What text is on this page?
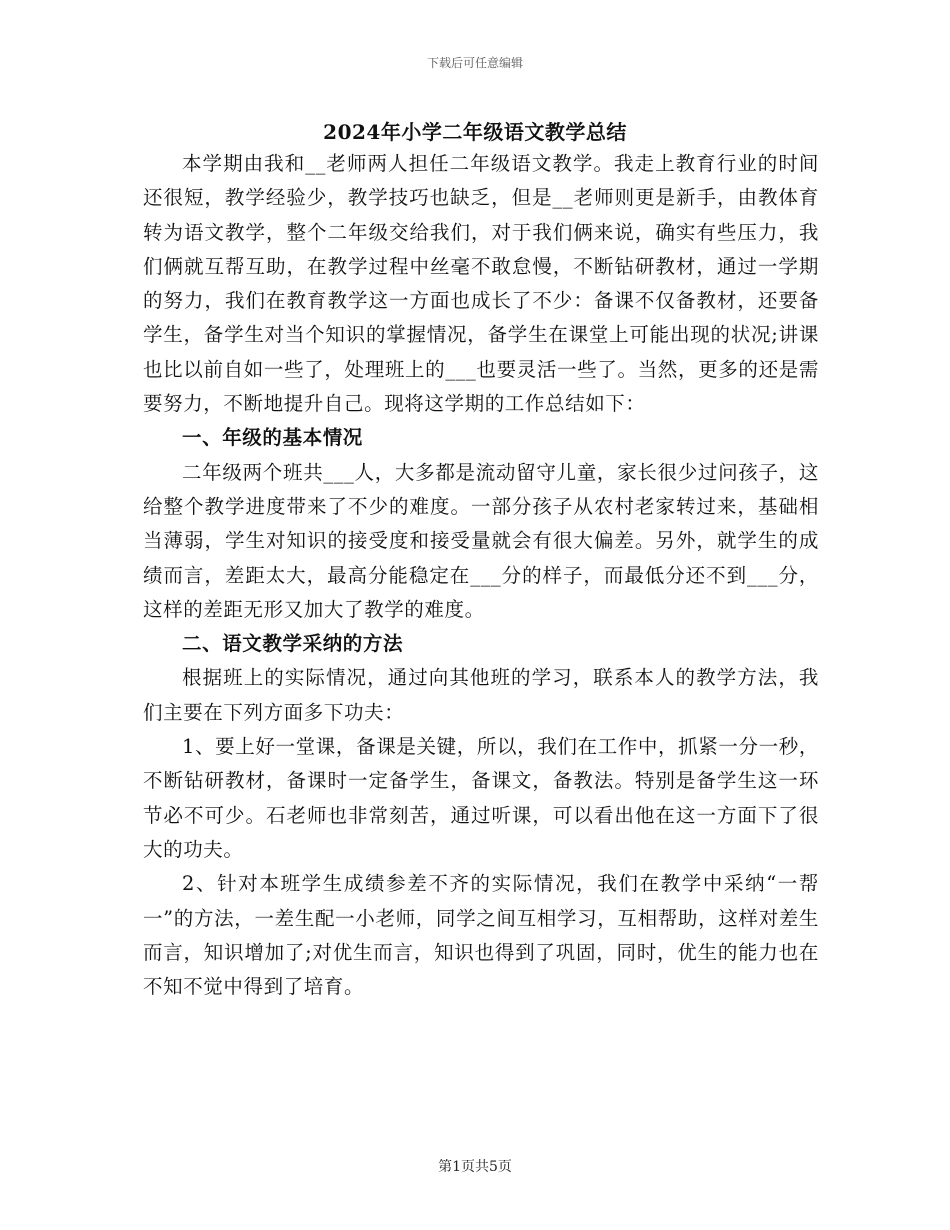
下载后可任意编辑
2024年小学二年级语文教学总结

本学期由我和__老师两人担任二年级语文教学。我走上教育行业的时间还很短，教学经验少，教学技巧也缺乏，但是__老师则更是新手，由教体育转为语文教学，整个二年级交给我们，对于我们俩来说，确实有些压力，我们俩就互帮互助，在教学过程中丝毫不敢怠慢，不断钻研教材，通过一学期的努力，我们在教育教学这一方面也成长了不少：备课不仅备教材，还要备学生，备学生对当个知识的掌握情况，备学生在课堂上可能出现的状况;讲课也比以前自如一些了，处理班上的___也要灵活一些了。当然，更多的还是需要努力，不断地提升自己。现将这学期的工作总结如下：

一、年级的基本情况

二年级两个班共___人，大多都是流动留守儿童，家长很少过问孩子，这给整个教学进度带来了不少的难度。一部分孩子从农村老家转过来，基础相当薄弱，学生对知识的接受度和接受量就会有很大偏差。另外，就学生的成绩而言，差距太大，最高分能稳定在___分的样子，而最低分还不到___分，这样的差距无形又加大了教学的难度。

二、语文教学采纳的方法

根据班上的实际情况，通过向其他班的学习，联系本人的教学方法，我们主要在下列方面多下功夫：

1、要上好一堂课，备课是关键，所以，我们在工作中，抓紧一分一秒，不断钻研教材，备课时一定备学生，备课文，备教法。特别是备学生这一环节必不可少。石老师也非常刻苦，通过听课，可以看出他在这一方面下了很大的功夫。

2、针对本班学生成绩参差不齐的实际情况，我们在教学中采纳“一帮一”的方法，一差生配一小老师，同学之间互相学习，互相帮助，这样对差生而言，知识增加了;对优生而言，知识也得到了巩固，同时，优生的能力也在不知不觉中得到了培育。

第1页共5页
